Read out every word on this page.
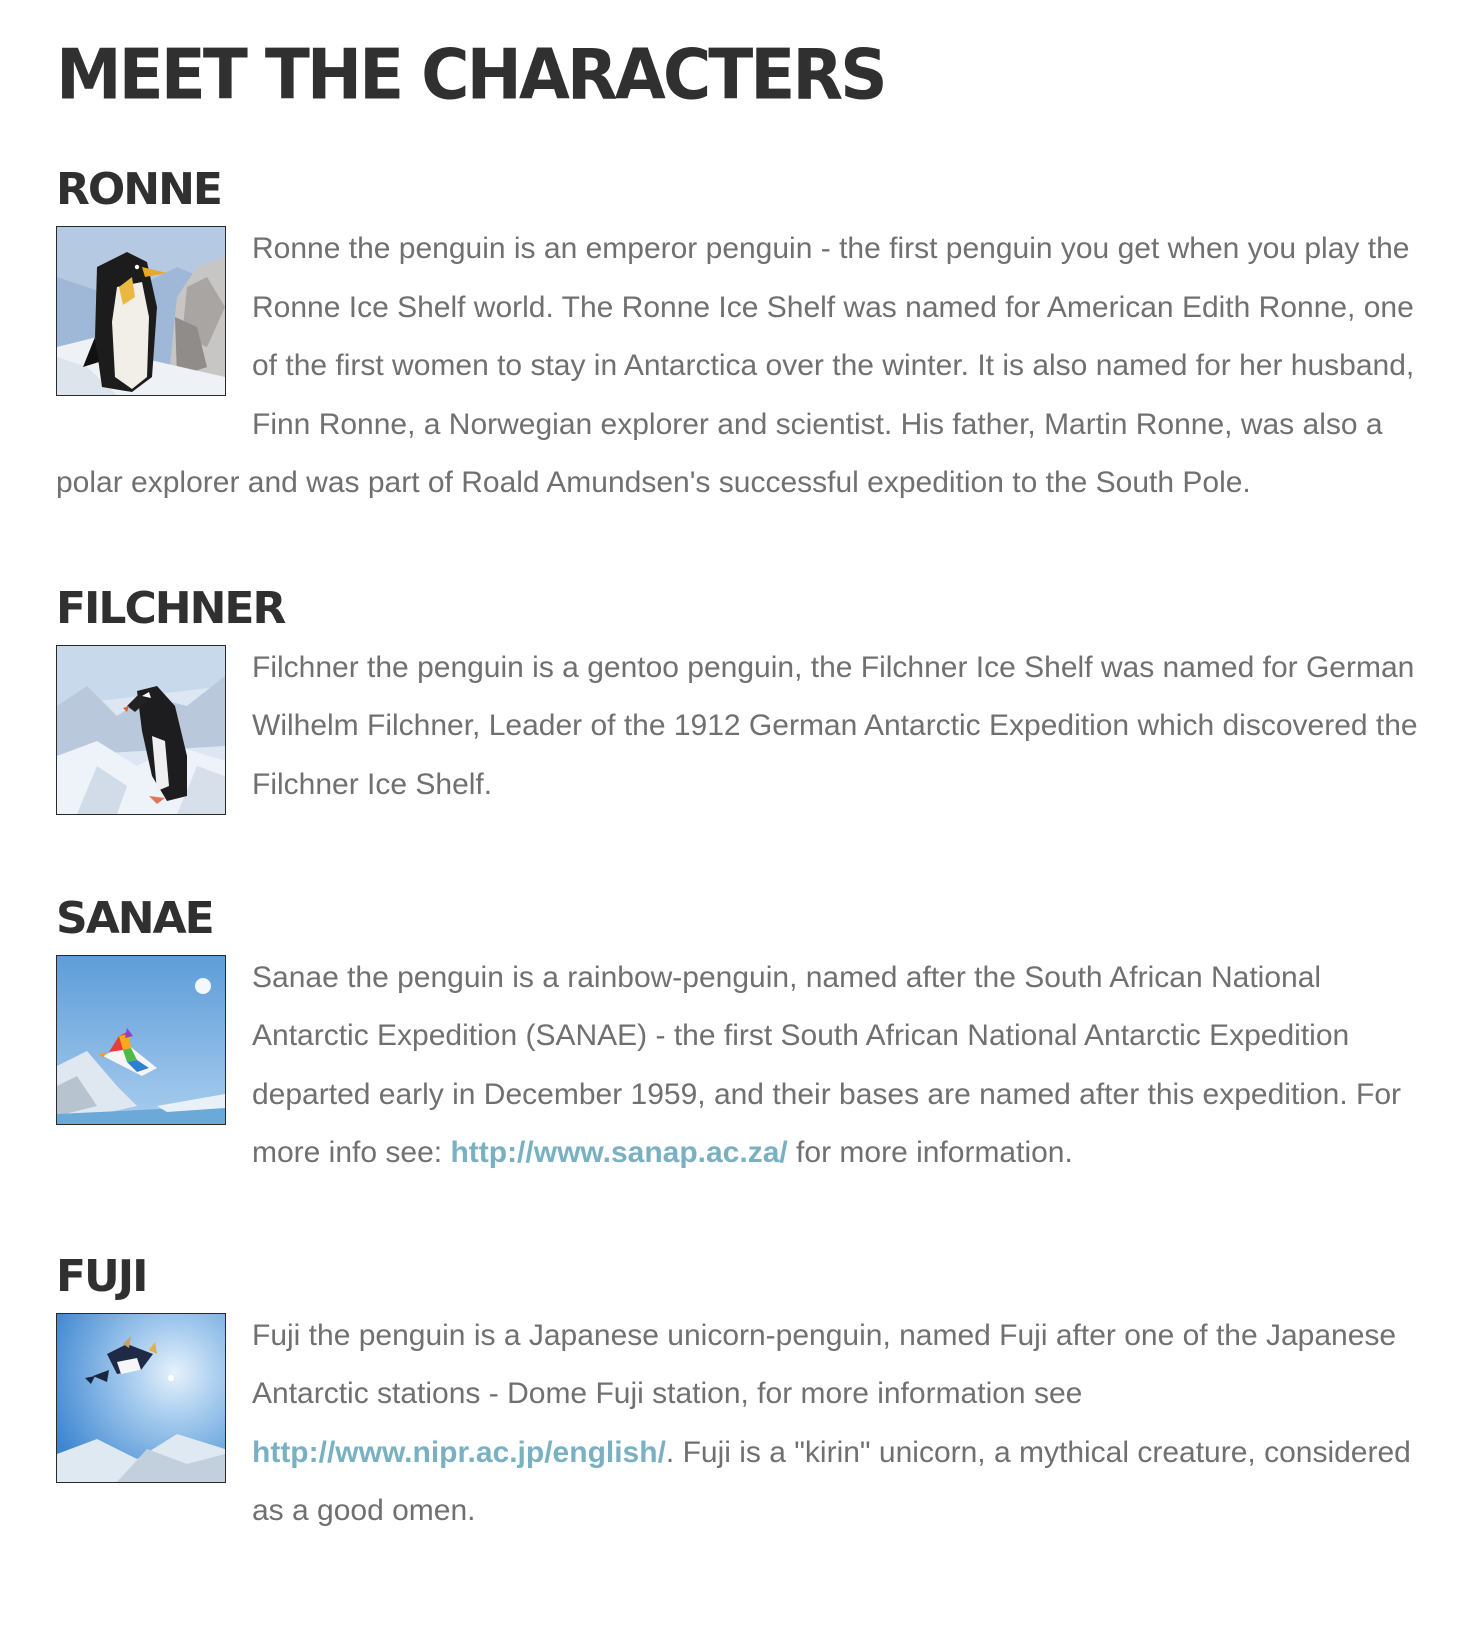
MEET THE CHARACTERS
RONNE

Ronne the penguin is an emperor penguin - the first penguin you get when you play the Ronne Ice Shelf world. The Ronne Ice Shelf was named for American Edith Ronne, one of the first women to stay in Antarctica over the winter. It is also named for her husband, Finn Ronne, a Norwegian explorer and scientist. His father, Martin Ronne, was also a polar explorer and was part of Roald Amundsen's successful expedition to the South Pole.

FILCHNER

Filchner the penguin is a gentoo penguin, the Filchner Ice Shelf was named for German Wilhelm Filchner, Leader of the 1912 German Antarctic Expedition which discovered the Filchner Ice Shelf.

SANAE

Sanae the penguin is a rainbow-penguin, named after the South African National Antarctic Expedition (SANAE) - the first South African National Antarctic Expedition departed early in December 1959, and their bases are named after this expedition. For more info see: http://www.sanap.ac.za/ for more information.

FUJI

Fuji the penguin is a Japanese unicorn-penguin, named Fuji after one of the Japanese Antarctic stations - Dome Fuji station, for more information see http://www.nipr.ac.jp/english/. Fuji is a "kirin" unicorn, a mythical creature, considered as a good omen.
